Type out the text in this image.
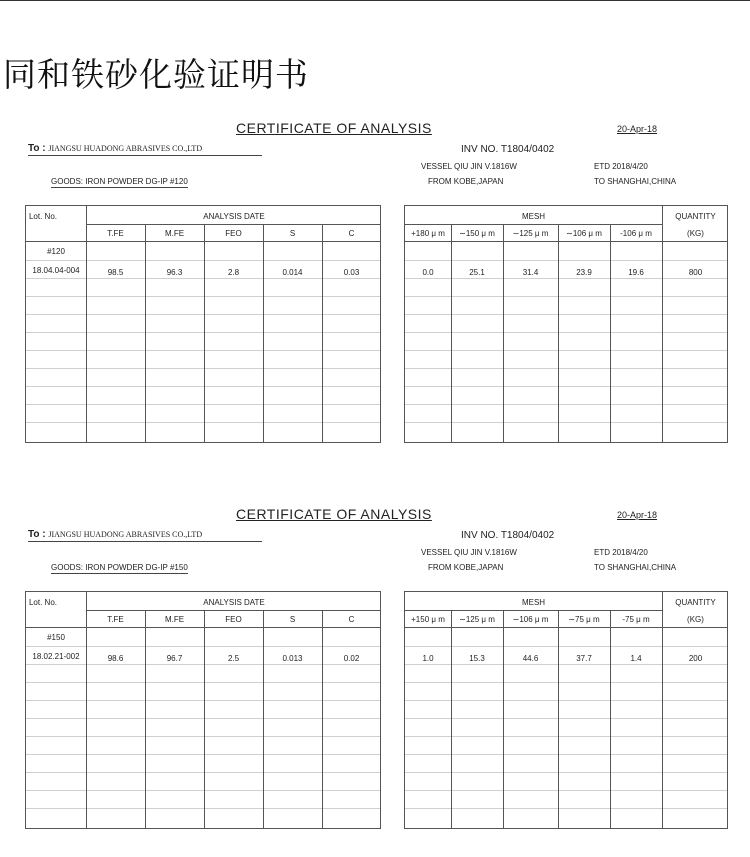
同和铁砂化验证明书
CERTIFICATE OF ANALYSIS	20-Apr-18
To : JIANGSU HUADONG ABRASIVES CO.,LTD	INV NO. T1804/0402
VESSEL QIU JIN V.1816W	ETD 2018/4/20
GOODS: IRON POWDER DG-IP #120	FROM KOBE,JAPAN	TO SHANGHAI,CHINA
Lot. No.	ANALYSIS DATE
T.FE	M.FE	FEO	S	C
#120
18.04.04-004	98.5	96.3	2.8	0.014	0.03
MESH	QUANTITY
+180 μ m	∼150 μ m	∼125 μ m	∼106 μ m	-106 μ m	(KG)
0.0	25.1	31.4	23.9	19.6	800
CERTIFICATE OF ANALYSIS	20-Apr-18
To : JIANGSU HUADONG ABRASIVES CO.,LTD	INV NO. T1804/0402
VESSEL QIU JIN V.1816W	ETD 2018/4/20
GOODS: IRON POWDER DG-IP #150	FROM KOBE,JAPAN	TO SHANGHAI,CHINA
Lot. No.	ANALYSIS DATE
T.FE	M.FE	FEO	S	C
#150
18.02.21-002	98.6	96.7	2.5	0.013	0.02
MESH	QUANTITY
+150 μ m	∼125 μ m	∼106 μ m	∼75 μ m	-75 μ m	(KG)
1.0	15.3	44.6	37.7	1.4	200
